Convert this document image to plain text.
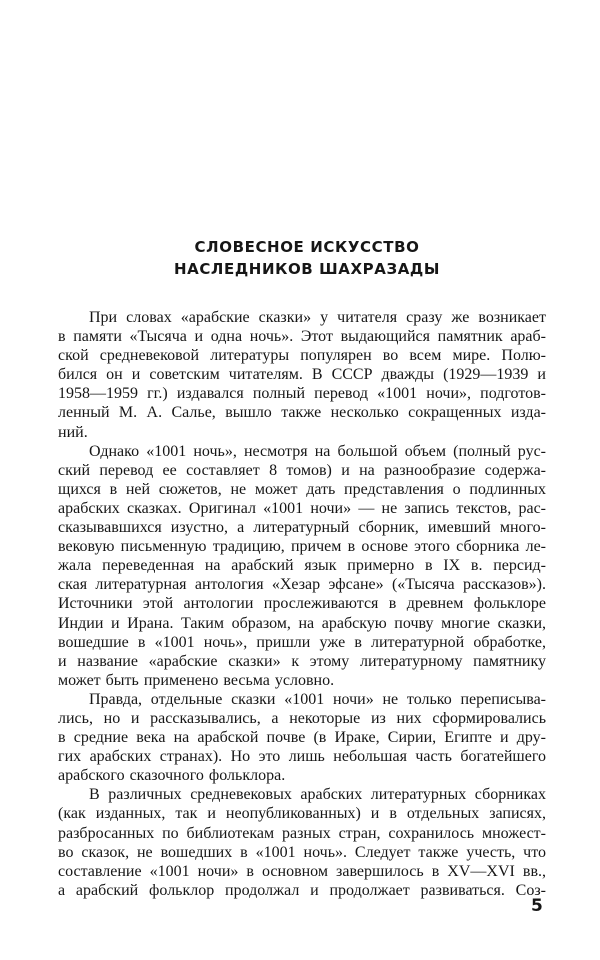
СЛОВЕСНОЕ ИСКУССТВО
НАСЛЕДНИКОВ ШАХРАЗАДЫ
При словах «арабские сказки» у читателя сразу же возникает
в памяти «Тысяча и одна ночь». Этот выдающийся памятник араб-
ской средневековой литературы популярен во всем мире. Полю-
бился он и советским читателям. В СССР дважды (1929—1939 и
1958—1959 гг.) издавался полный перевод «1001 ночи», подготов-
ленный М. А. Салье, вышло также несколько сокращенных изда-
ний.
Однако «1001 ночь», несмотря на большой объем (полный рус-
ский перевод ее составляет 8 томов) и на разнообразие содержа-
щихся в ней сюжетов, не может дать представления о подлинных
арабских сказках. Оригинал «1001 ночи» — не запись текстов, рас-
сказывавшихся изустно, а литературный сборник, имевший много-
вековую письменную традицию, причем в основе этого сборника ле-
жала переведенная на арабский язык примерно в IX в. персид-
ская литературная антология «Хезар эфсане» («Тысяча рассказов»).
Источники этой антологии прослеживаются в древнем фольклоре
Индии и Ирана. Таким образом, на арабскую почву многие сказки,
вошедшие в «1001 ночь», пришли уже в литературной обработке,
и название «арабские сказки» к этому литературному памятнику
может быть применено весьма условно.
Правда, отдельные сказки «1001 ночи» не только переписыва-
лись, но и рассказывались, а некоторые из них сформировались
в средние века на арабской почве (в Ираке, Сирии, Египте и дру-
гих арабских странах). Но это лишь небольшая часть богатейшего
арабского сказочного фольклора.
В различных средневековых арабских литературных сборниках
(как изданных, так и неопубликованных) и в отдельных записях,
разбросанных по библиотекам разных стран, сохранилось множест-
во сказок, не вошедших в «1001 ночь». Следует также учесть, что
составление «1001 ночи» в основном завершилось в XV—XVI вв.,
а арабский фольклор продолжал и продолжает развиваться. Соз-
5
